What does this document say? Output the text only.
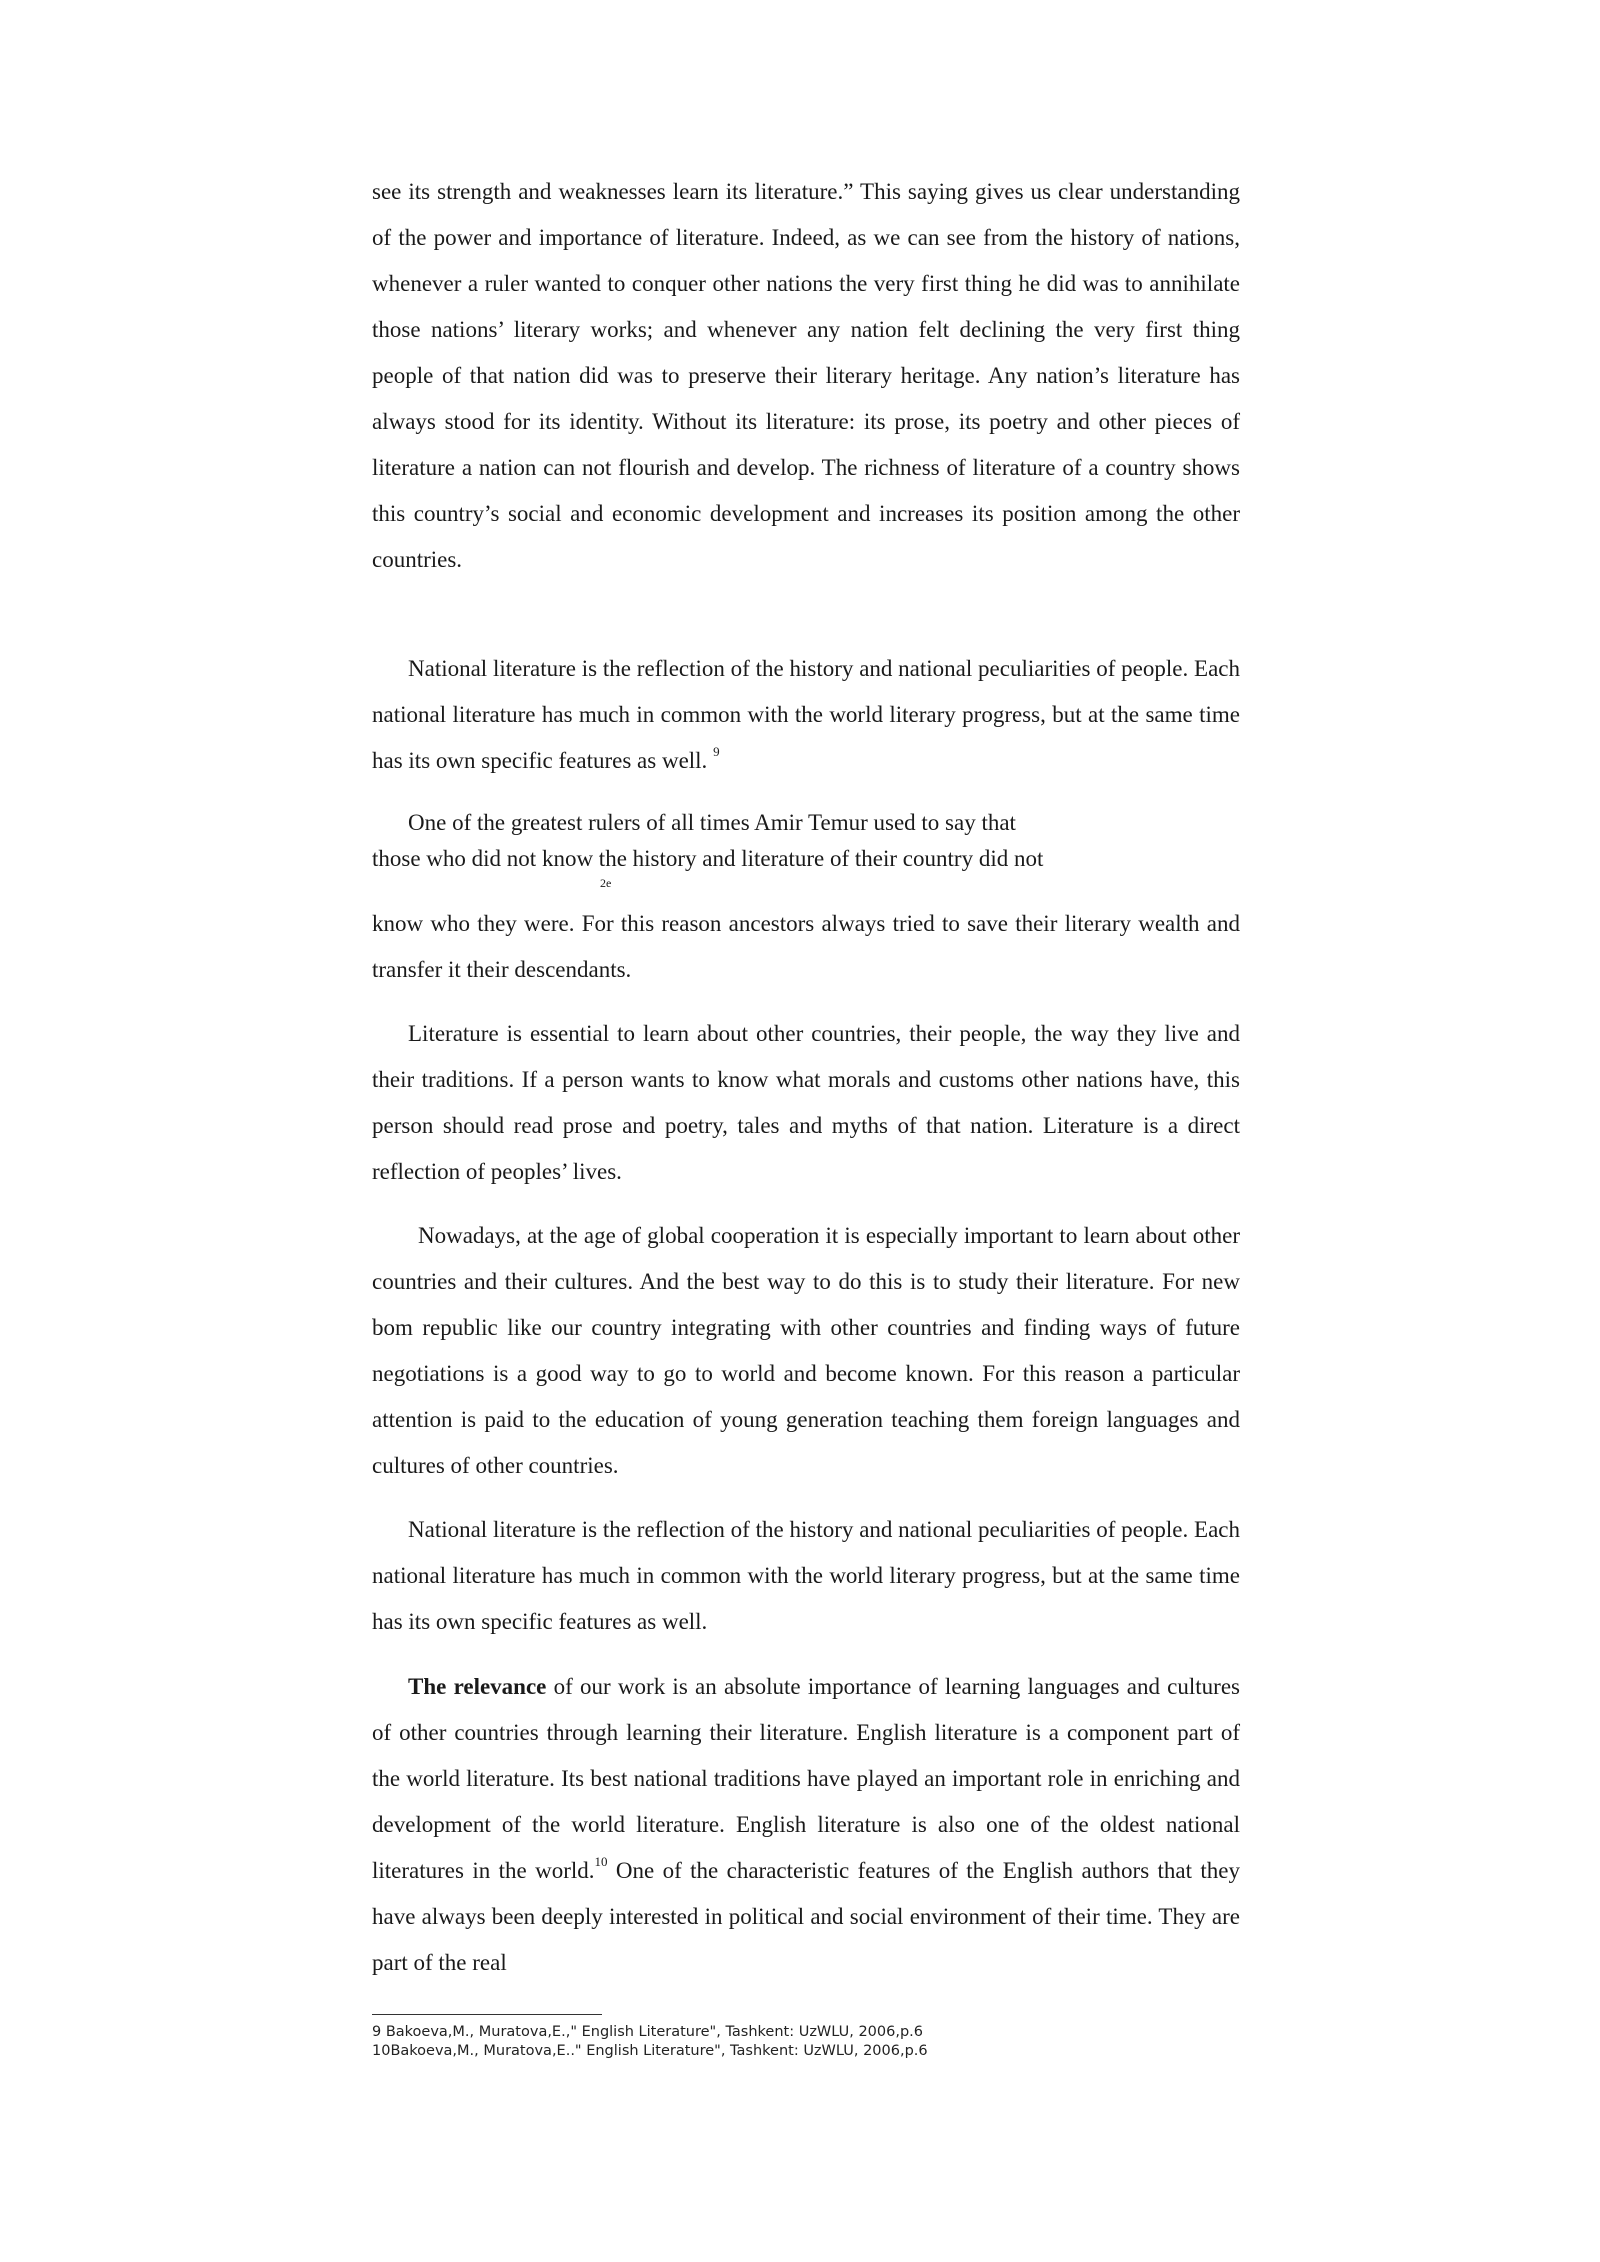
see its strength and weaknesses learn its literature.” This saying gives us clear understanding of the power and importance of literature. Indeed, as we can see from the history of nations, whenever a ruler wanted to conquer other nations the very first thing he did was to annihilate those nations’ literary works; and whenever any nation felt declining the very first thing people of that nation did was to preserve their literary heritage. Any nation’s literature has always stood for its identity. Without its literature: its prose, its poetry and other pieces of literature a nation can not flourish and develop. The richness of literature of a country shows this country’s social and economic development and increases its position among the other countries.

National literature is the reflection of the history and national peculiarities of people. Each national literature has much in common with the world literary progress, but at the same time has its own specific features as well. $^9$

One of the greatest rulers of all times Amir Temur used to say that

those who did not know the history and literature of their country did not

2e

know who they were. For this reason ancestors always tried to save their literary wealth and transfer it their descendants.

Literature is essential to learn about other countries, their people, the way they live and their traditions. If a person wants to know what morals and customs other nations have, this person should read prose and poetry, tales and myths of that nation. Literature is a direct reflection of peoples’ lives.

Nowadays, at the age of global cooperation it is especially important to learn about other countries and their cultures. And the best way to do this is to study their literature. For new bom republic like our country integrating with other countries and finding ways of future negotiations is a good way to go to world and become known. For this reason a particular attention is paid to the education of young generation teaching them foreign languages and cultures of other countries.

National literature is the reflection of the history and national peculiarities of people. Each national literature has much in common with the world literary progress, but at the same time has its own specific features as well.

The relevance of our work is an absolute importance of learning languages and cultures of other countries through learning their literature. English literature is a component part of the world literature. Its best national traditions have played an important role in enriching and development of the world literature. English literature is also one of the oldest national literatures in the world.$^{10}$ One of the characteristic features of the English authors that they have always been deeply interested in political and social environment of their time. They are part of the real

9 Bakoeva,M., Muratova,E.," English Literature", Tashkent: UzWLU, 2006,p.6

10Bakoeva,M., Muratova,E.." English Literature", Tashkent: UzWLU, 2006,p.6
